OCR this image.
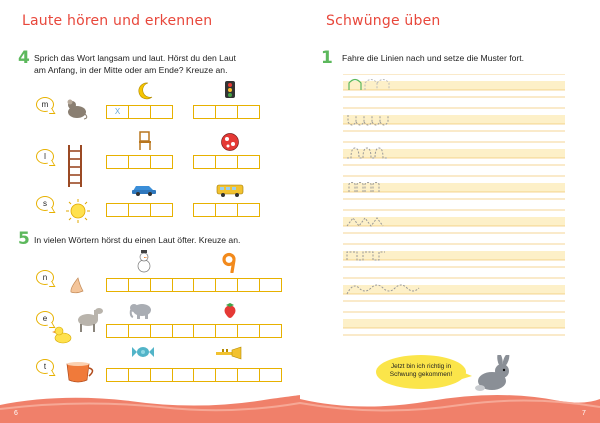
Laute hören und erkennen
4 Sprich das Wort langsam und laut. Hörst du den Laut
am Anfang, in der Mitte oder am Ende? Kreuze an.
m
X
l
s
5 In vielen Wörtern hörst du einen Laut öfter. Kreuze an.
n
e
t
Schwünge üben
1 Fahre die Linien nach und setze die Muster fort.
Jetzt bin ich richtig in
Schwung gekommen!
6	7
